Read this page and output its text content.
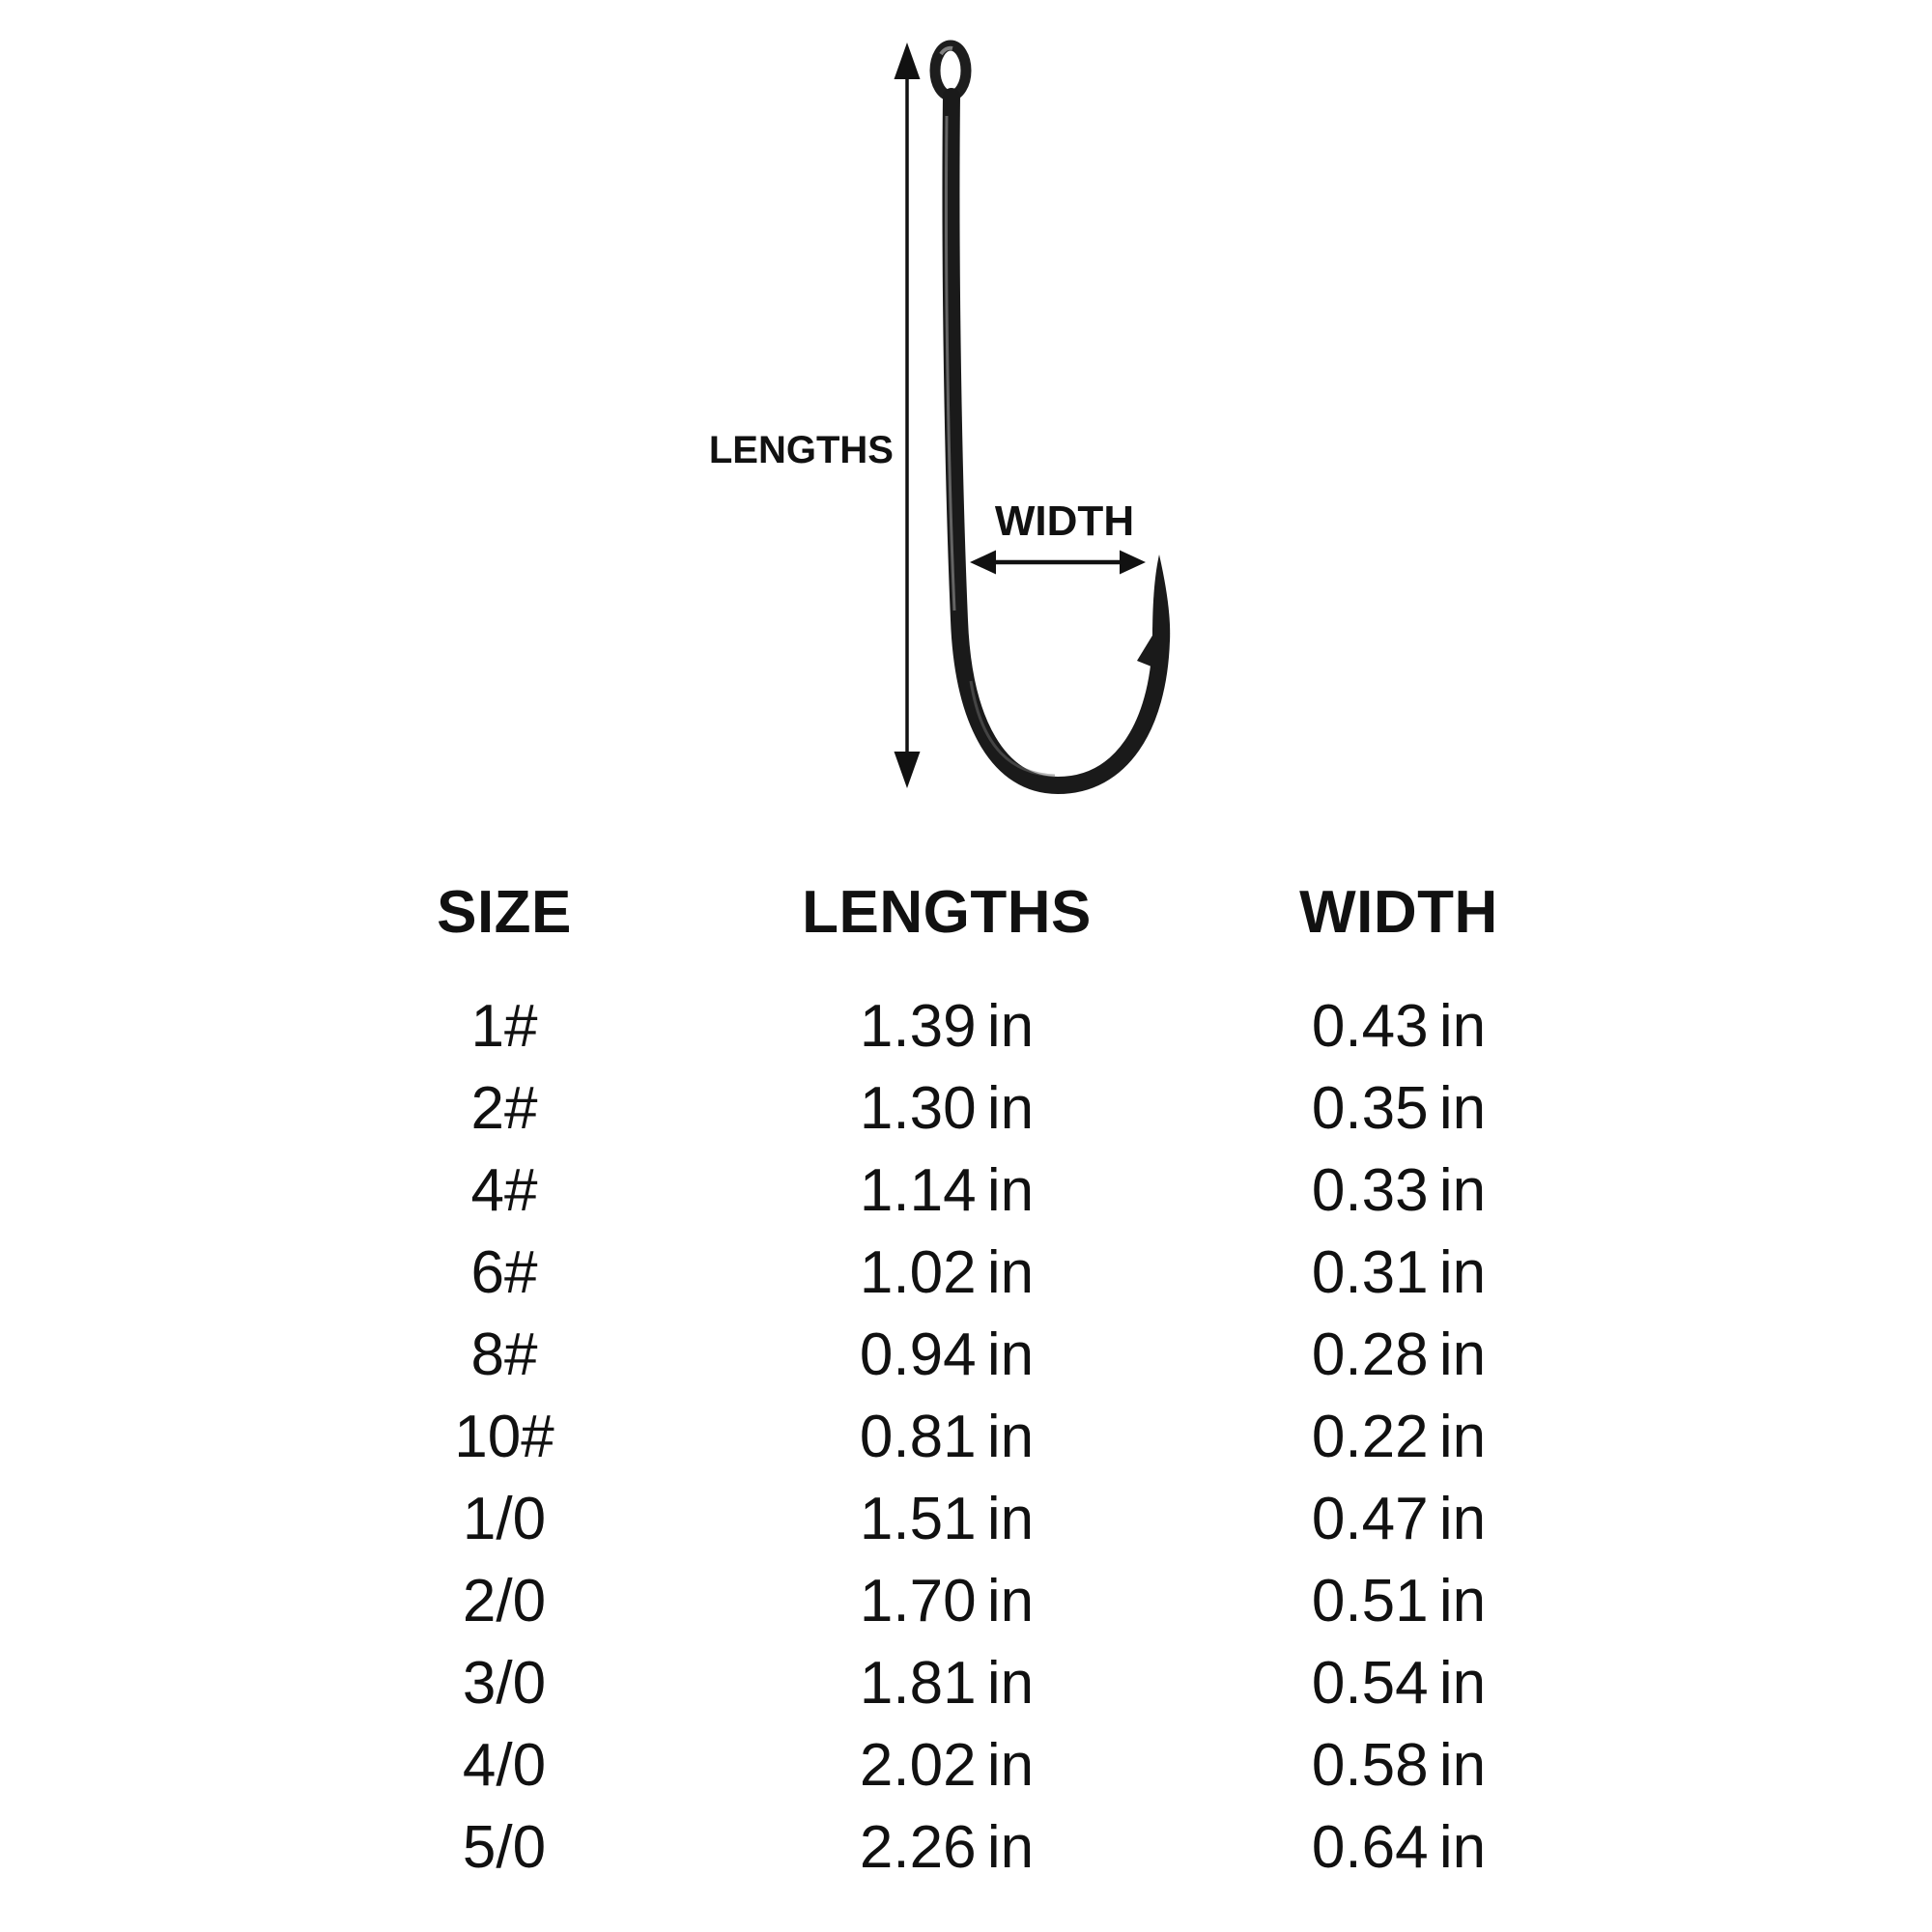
LENGTHS
WIDTH
SIZE	LENGTHS	WIDTH
1#	1.39 in	0.43 in
2#	1.30 in	0.35 in
4#	1.14 in	0.33 in
6#	1.02 in	0.31 in
8#	0.94 in	0.28 in
10#	0.81 in	0.22 in
1/0	1.51 in	0.47 in
2/0	1.70 in	0.51 in
3/0	1.81 in	0.54 in
4/0	2.02 in	0.58 in
5/0	2.26 in	0.64 in
